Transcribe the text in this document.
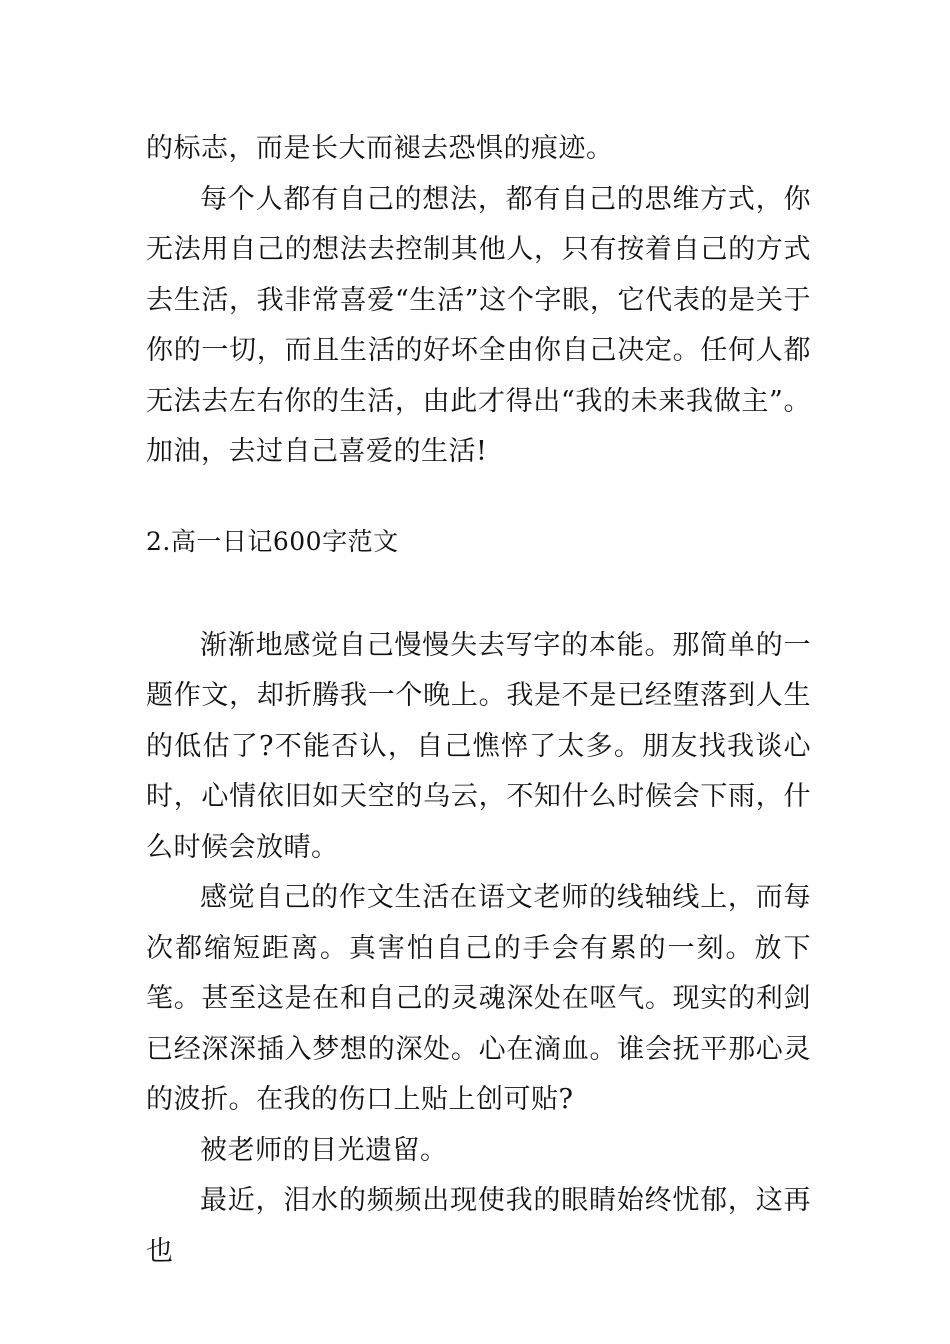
的标志，而是长大而褪去恐惧的痕迹。

每个人都有自己的想法，都有自己的思维方式，你无法用自己的想法去控制其他人，只有按着自己的方式去生活，我非常喜爱“生活”这个字眼，它代表的是关于你的一切，而且生活的好坏全由你自己决定。任何人都无法去左右你的生活，由此才得出“我的未来我做主”。加油，去过自己喜爱的生活!

2.高一日记600字范文

渐渐地感觉自己慢慢失去写字的本能。那简单的一题作文，却折腾我一个晚上。我是不是已经堕落到人生的低估了?不能否认，自己憔悴了太多。朋友找我谈心时，心情依旧如天空的乌云，不知什么时候会下雨，什么时候会放晴。

感觉自己的作文生活在语文老师的线轴线上，而每次都缩短距离。真害怕自己的手会有累的一刻。放下笔。甚至这是在和自己的灵魂深处在呕气。现实的利剑已经深深插入梦想的深处。心在滴血。谁会抚平那心灵的波折。在我的伤口上贴上创可贴?

被老师的目光遗留。

最近，泪水的频频出现使我的眼睛始终忧郁，这再也
